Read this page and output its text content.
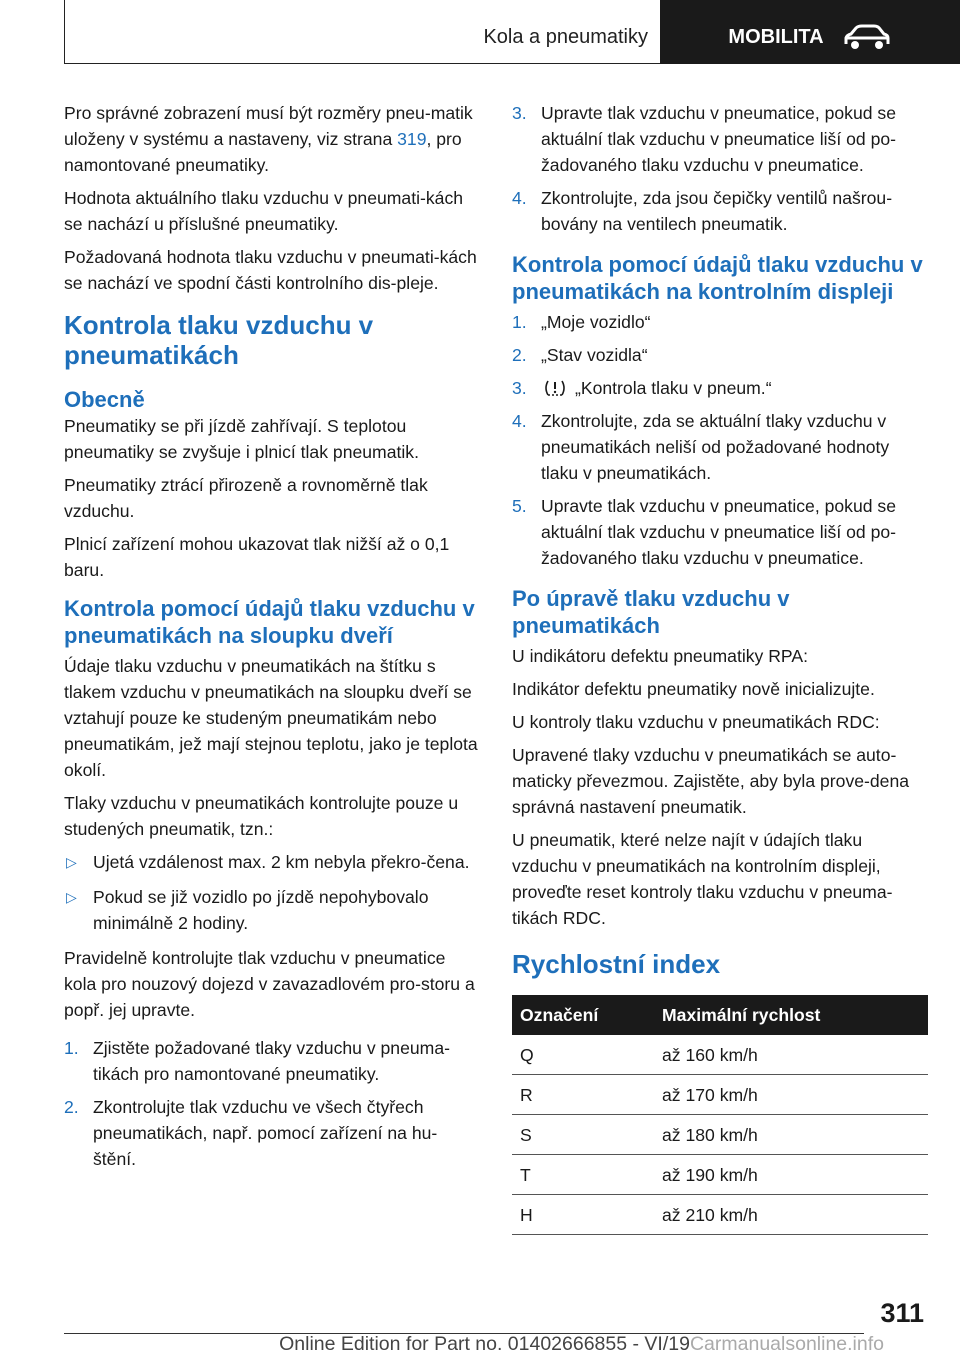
Kola a pneumatiky	MOBILITA

Pro správné zobrazení musí být rozměry pneu-matik uloženy v systému a nastaveny, viz strana 319, pro namontované pneumatiky.

Hodnota aktuálního tlaku vzduchu v pneumati-kách se nachází u příslušné pneumatiky.

Požadovaná hodnota tlaku vzduchu v pneumati-kách se nachází ve spodní části kontrolního dis-pleje.

Kontrola tlaku vzduchu v pneumatikách
Obecně

Pneumatiky se při jízdě zahřívají. S teplotou pneumatiky se zvyšuje i plnicí tlak pneumatik.

Pneumatiky ztrácí přirozeně a rovnoměrně tlak vzduchu.

Plnicí zařízení mohou ukazovat tlak nižší až o 0,1 baru.

Kontrola pomocí údajů tlaku vzduchu v pneumatikách na sloupku dveří

Údaje tlaku vzduchu v pneumatikách na štítku s tlakem vzduchu v pneumatikách na sloupku dveří se vztahují pouze ke studeným pneumatikám nebo pneumatikám, jež mají stejnou teplotu, jako je teplota okolí.

Tlaky vzduchu v pneumatikách kontrolujte pouze u studených pneumatik, tzn.:

▷ Ujetá vzdálenost max. 2 km nebyla překro-čena.
▷ Pokud se již vozidlo po jízdě nepohybovalo minimálně 2 hodiny.

Pravidelně kontrolujte tlak vzduchu v pneumatice kola pro nouzový dojezd v zavazadlovém pro-storu a popř. jej upravte.

1. Zjistěte požadované tlaky vzduchu v pneuma-tikách pro namontované pneumatiky.
2. Zkontrolujte tlak vzduchu ve všech čtyřech pneumatikách, např. pomocí zařízení na hu-štění.
3. Upravte tlak vzduchu v pneumatice, pokud se aktuální tlak vzduchu v pneumatice liší od po-žadovaného tlaku vzduchu v pneumatice.
4. Zkontrolujte, zda jsou čepičky ventilů našrou-bovány na ventilech pneumatik.
Kontrola pomocí údajů tlaku vzduchu v pneumatikách na kontrolním displeji
1. „Moje vozidlo“
2. „Stav vozidla“
3.	„Kontrola tlaku v pneum.“
4. Zkontrolujte, zda se aktuální tlaky vzduchu v pneumatikách neliší od požadované hodnoty tlaku v pneumatikách.
5. Upravte tlak vzduchu v pneumatice, pokud se aktuální tlak vzduchu v pneumatice liší od po-žadovaného tlaku vzduchu v pneumatice.
Po úpravě tlaku vzduchu v pneumatikách

U indikátoru defektu pneumatiky RPA:

Indikátor defektu pneumatiky nově inicializujte.

U kontroly tlaku vzduchu v pneumatikách RDC:

Upravené tlaky vzduchu v pneumatikách se auto-maticky převezmou. Zajistěte, aby byla prove-dena správná nastavení pneumatik.

U pneumatik, které nelze najít v údajích tlaku vzduchu v pneumatikách na kontrolním displeji, proveďte reset kontroly tlaku vzduchu v pneuma-tikách RDC.

Rychlostní index
Označení	Maximální rychlost
Q	až 160 km/h
R	až 170 km/h
S	až 180 km/h
T	až 190 km/h
H	až 210 km/h
311
Online Edition for Part no. 01402666855 - VI/19Carmanualsonline.info
